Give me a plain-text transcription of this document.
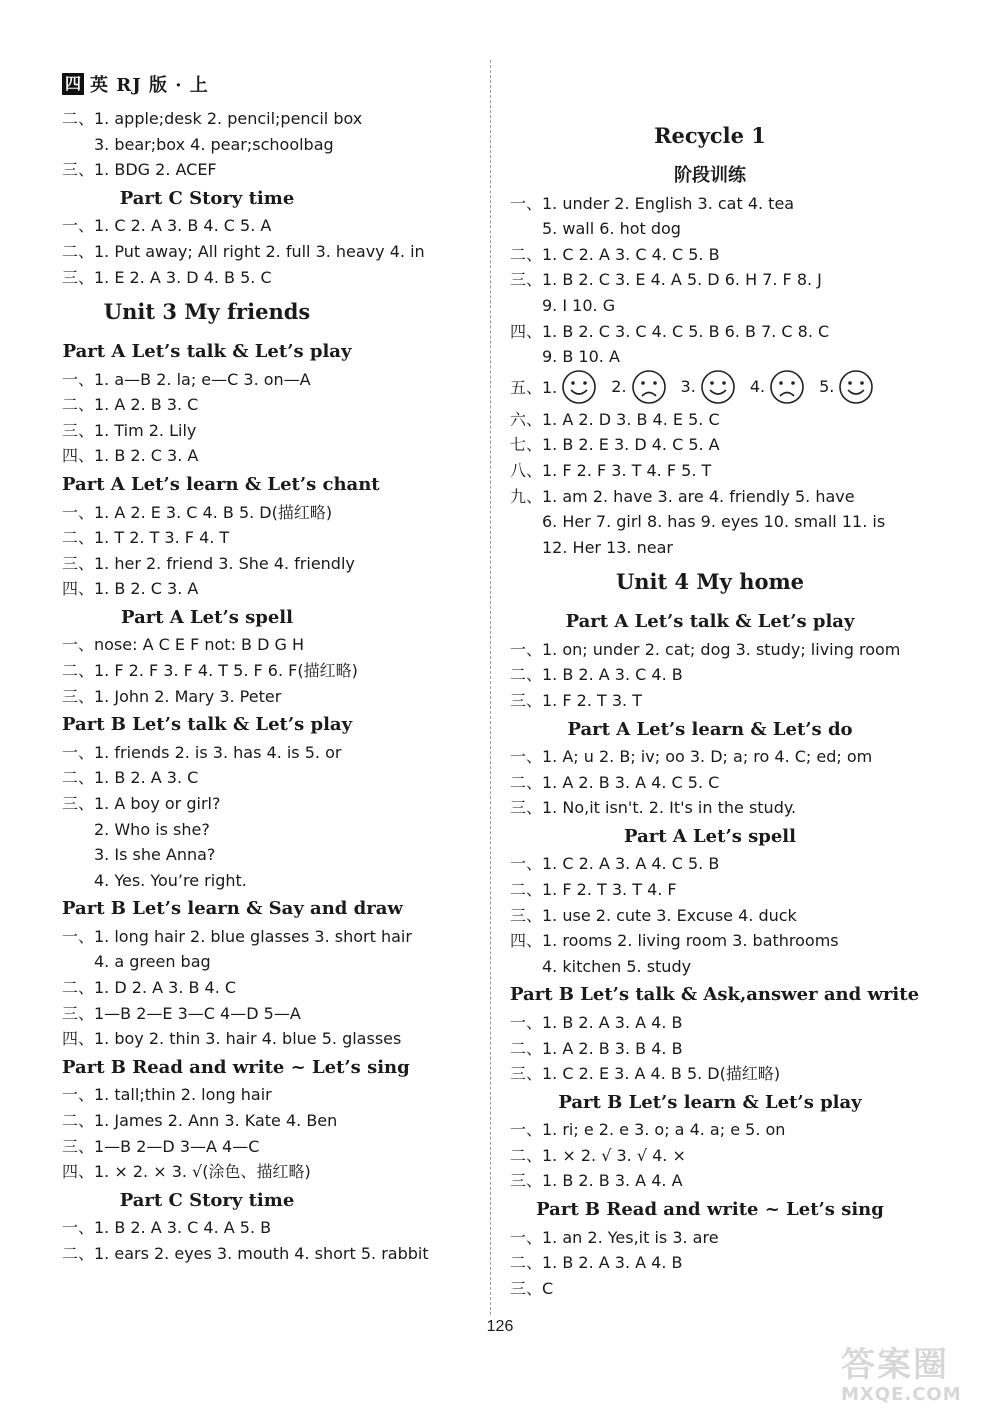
四 英 RJ 版 · 上
二、1. apple;desk 2. pencil;pencil box
3. bear;box 4. pear;schoolbag
三、1. BDG 2. ACEF
Part C Story time
一、1. C 2. A 3. B 4. C 5. A
二、1. Put away; All right 2. full 3. heavy 4. in
三、1. E 2. A 3. D 4. B 5. C
Unit 3 My friends
Part A Let’s talk & Let’s play
一、1. a—B 2. la; e—C 3. on—A
二、1. A 2. B 3. C
三、1. Tim 2. Lily
四、1. B 2. C 3. A
Part A Let’s learn & Let’s chant
一、1. A 2. E 3. C 4. B 5. D(描红略)
二、1. T 2. T 3. F 4. T
三、1. her 2. friend 3. She 4. friendly
四、1. B 2. C 3. A
Part A Let’s spell
一、nose: A C E F not: B D G H
二、1. F 2. F 3. F 4. T 5. F 6. F(描红略)
三、1. John 2. Mary 3. Peter
Part B Let’s talk & Let’s play
一、1. friends 2. is 3. has 4. is 5. or
二、1. B 2. A 3. C
三、1. A boy or girl?
2. Who is she?
3. Is she Anna?
4. Yes. You’re right.
Part B Let’s learn & Say and draw
一、1. long hair 2. blue glasses 3. short hair
4. a green bag
二、1. D 2. A 3. B 4. C
三、1—B 2—E 3—C 4—D 5—A
四、1. boy 2. thin 3. hair 4. blue 5. glasses
Part B Read and write ~ Let’s sing
一、1. tall;thin 2. long hair
二、1. James 2. Ann 3. Kate 4. Ben
三、1—B 2—D 3—A 4—C
四、1. × 2. × 3. √(涂色、描红略)
Part C Story time
一、1. B 2. A 3. C 4. A 5. B
二、1. ears 2. eyes 3. mouth 4. short 5. rabbit
Recycle 1
阶段训练
一、1. under 2. English 3. cat 4. tea
5. wall 6. hot dog
二、1. C 2. A 3. C 4. C 5. B
三、1. B 2. C 3. E 4. A 5. D 6. H 7. F 8. J
9. I 10. G
四、1. B 2. C 3. C 4. C 5. B 6. B 7. C 8. C
9. B 10. A
六、1. A 2. D 3. B 4. E 5. C
七、1. B 2. E 3. D 4. C 5. A
八、1. F 2. F 3. T 4. F 5. T
九、1. am 2. have 3. are 4. friendly 5. have
6. Her 7. girl 8. has 9. eyes 10. small 11. is
12. Her 13. near
Unit 4 My home
Part A Let’s talk & Let’s play
一、1. on; under 2. cat; dog 3. study; living room
二、1. B 2. A 3. C 4. B
三、1. F 2. T 3. T
Part A Let’s learn & Let’s do
一、1. A; u 2. B; iv; oo 3. D; a; ro 4. C; ed; om
二、1. A 2. B 3. A 4. C 5. C
三、1. No,it isn't. 2. It's in the study.
Part A Let’s spell
一、1. C 2. A 3. A 4. C 5. B
二、1. F 2. T 3. T 4. F
三、1. use 2. cute 3. Excuse 4. duck
四、1. rooms 2. living room 3. bathrooms
4. kitchen 5. study
Part B Let’s talk & Ask,answer and write
一、1. B 2. A 3. A 4. B
二、1. A 2. B 3. B 4. B
三、1. C 2. E 3. A 4. B 5. D(描红略)
Part B Let’s learn & Let’s play
一、1. ri; e 2. e 3. o; a 4. a; e 5. on
二、1. × 2. √ 3. √ 4. ×
三、1. B 2. B 3. A 4. A
Part B Read and write ~ Let’s sing
一、1. an 2. Yes,it is 3. are
二、1. B 2. A 3. A 4. B
三、C
126
答案圈
MXQE.COM
五、1.	2.	3.	4.	5.
